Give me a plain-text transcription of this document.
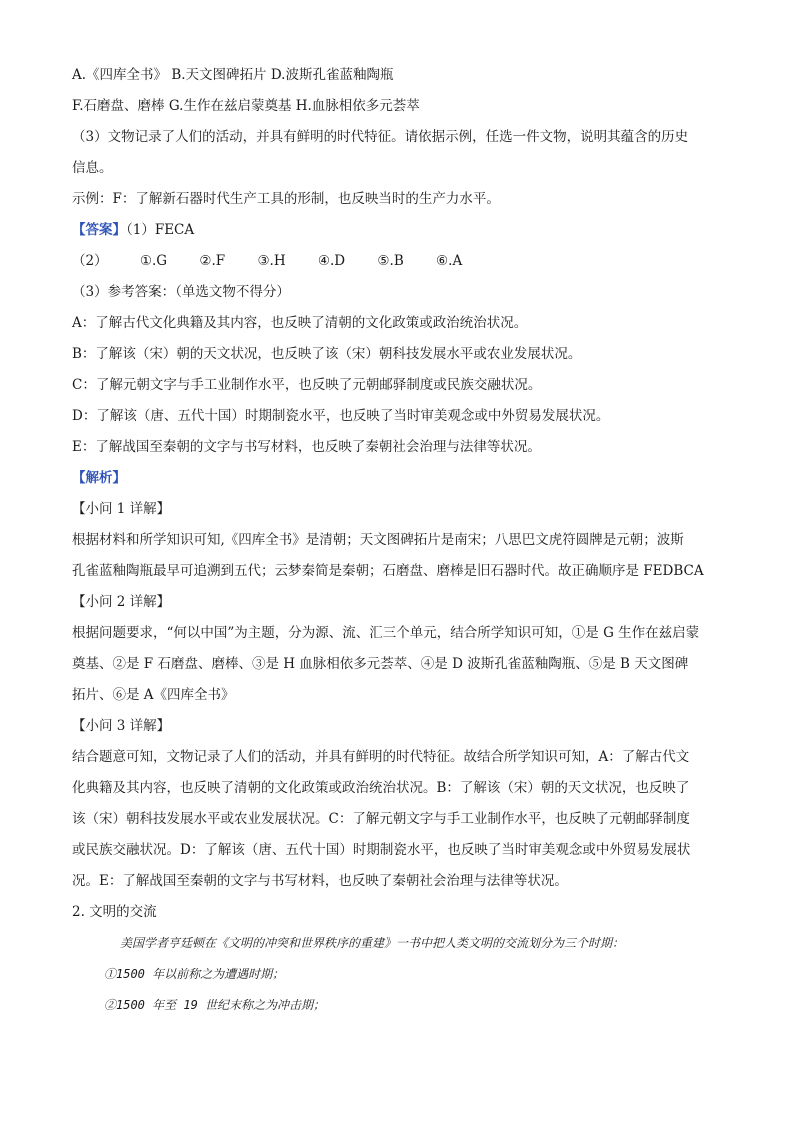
A.《四库全书》 B.天文图碑拓片 D.波斯孔雀蓝釉陶瓶
F.石磨盘、磨棒 G.生作在兹启蒙奠基 H.血脉相依多元荟萃
（3）文物记录了人们的活动，并具有鲜明的时代特征。请依据示例，任选一件文物，说明其蕴含的历史
信息。
示例：F：了解新石器时代生产工具的形制，也反映当时的生产力水平。
【答案】（1）FECA
（2） ①.G ②.F ③.H ④.D ⑤.B ⑥.A
（3）参考答案：（单选文物不得分）
A：了解古代文化典籍及其内容，也反映了清朝的文化政策或政治统治状况。
B：了解该（宋）朝的天文状况，也反映了该（宋）朝科技发展水平或农业发展状况。
C：了解元朝文字与手工业制作水平，也反映了元朝邮驿制度或民族交融状况。
D：了解该（唐、五代十国）时期制瓷水平，也反映了当时审美观念或中外贸易发展状况。
E：了解战国至秦朝的文字与书写材料，也反映了秦朝社会治理与法律等状况。
【解析】
【小问 1 详解】
根据材料和所学知识可知,《四库全书》是清朝；天文图碑拓片是南宋；八思巴文虎符圆牌是元朝；波斯
孔雀蓝釉陶瓶最早可追溯到五代；云梦秦简是秦朝；石磨盘、磨棒是旧石器时代。故正确顺序是 FEDBCA
【小问 2 详解】
根据问题要求，“何以中国”为主题，分为源、流、汇三个单元，结合所学知识可知，①是 G 生作在兹启蒙
奠基、②是 F 石磨盘、磨棒、③是 H 血脉相依多元荟萃、④是 D 波斯孔雀蓝釉陶瓶、⑤是 B 天文图碑
拓片、⑥是 A《四库全书》
【小问 3 详解】
结合题意可知，文物记录了人们的活动，并具有鲜明的时代特征。故结合所学知识可知，A：了解古代文
化典籍及其内容，也反映了清朝的文化政策或政治统治状况。B：了解该（宋）朝的天文状况，也反映了
该（宋）朝科技发展水平或农业发展状况。C：了解元朝文字与手工业制作水平，也反映了元朝邮驿制度
或民族交融状况。D：了解该（唐、五代十国）时期制瓷水平，也反映了当时审美观念或中外贸易发展状
况。E：了解战国至秦朝的文字与书写材料，也反映了秦朝社会治理与法律等状况。
2. 文明的交流
美国学者亨廷顿在《文明的冲突和世界秩序的重建》一书中把人类文明的交流划分为三个时期：
①1500 年以前称之为遭遇时期；
②1500 年至 19 世纪末称之为冲击期；
